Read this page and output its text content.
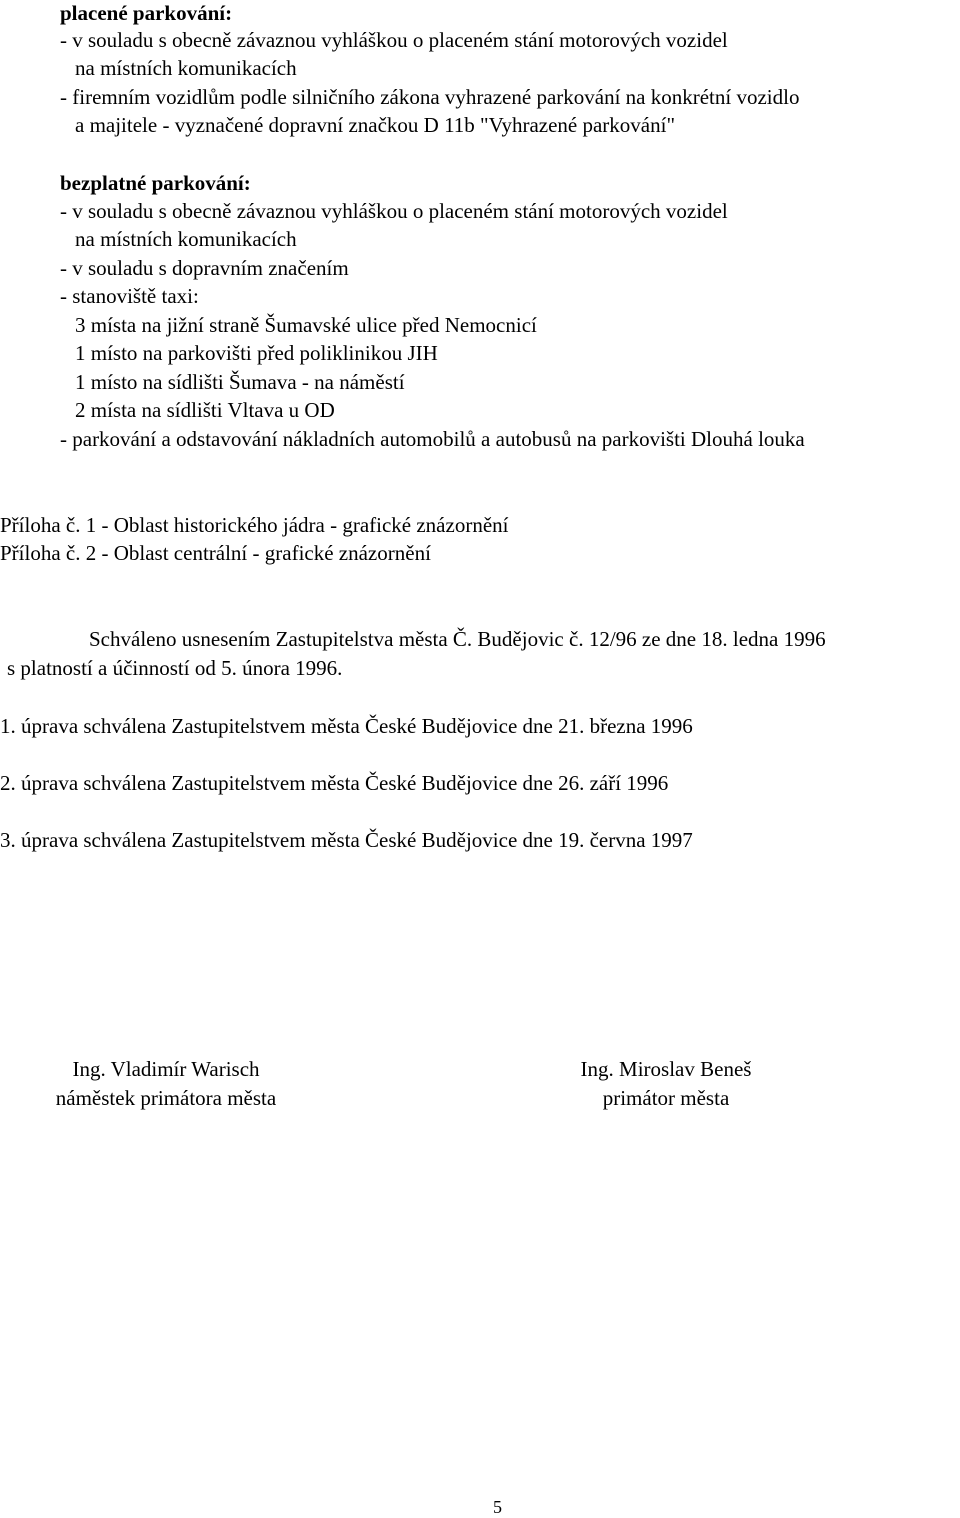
placené parkování:
- v souladu s obecně závaznou vyhláškou o placeném stání motorových vozidel
na místních komunikacích
- firemním vozidlům podle silničního zákona vyhrazené parkování na konkrétní vozidlo
a majitele - vyznačené dopravní značkou D 11b "Vyhrazené parkování"
bezplatné parkování:
- v souladu s obecně závaznou vyhláškou o placeném stání motorových vozidel
na místních komunikacích
- v souladu s dopravním značením
- stanoviště taxi:
3 místa na jižní straně Šumavské ulice před Nemocnicí
1 místo na parkovišti před poliklinikou JIH
1 místo na sídlišti Šumava - na náměstí
2 místa na sídlišti Vltava u OD
- parkování a odstavování nákladních automobilů a autobusů na parkovišti Dlouhá louka
Příloha č. 1 - Oblast historického jádra - grafické znázornění
Příloha č. 2 - Oblast centrální - grafické znázornění
Schváleno usnesením Zastupitelstva města Č. Budějovic č. 12/96 ze dne 18. ledna 1996
s platností a účinností od 5. února 1996.
1. úprava schválena Zastupitelstvem města České Budějovice dne 21. března 1996
2. úprava schválena Zastupitelstvem města České Budějovice dne 26. září 1996
3. úprava schválena Zastupitelstvem města České Budějovice dne 19. června 1997
Ing. Vladimír Warisch
náměstek primátora města
Ing. Miroslav Beneš
primátor města
5
